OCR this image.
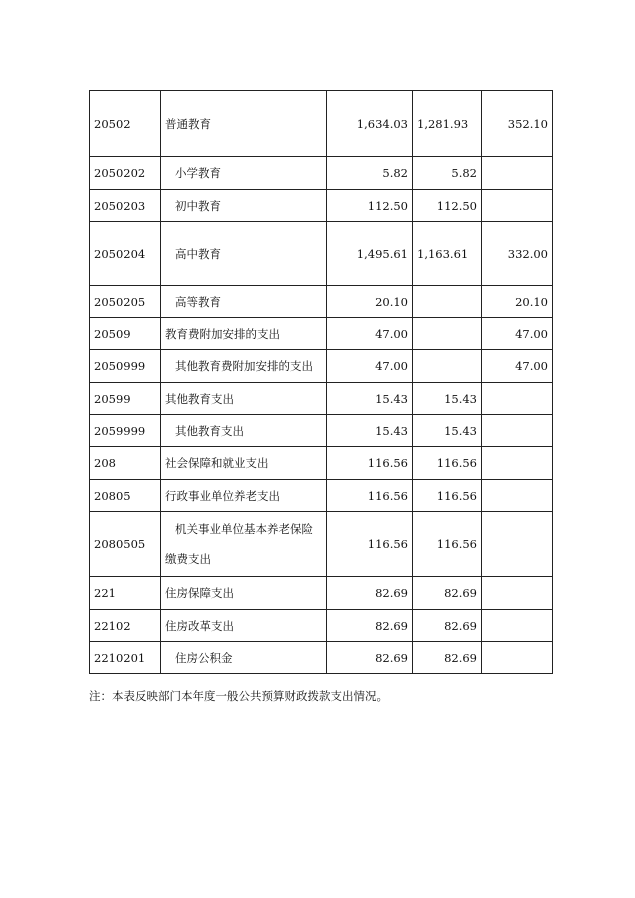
20502	普通教育	1,634.03	1,281.93	352.10
2050202	小学教育	5.82	5.82	
2050203	初中教育	112.50	112.50	
2050204	高中教育	1,495.61	1,163.61	332.00
2050205	高等教育	20.10		20.10
20509	教育费附加安排的支出	47.00		47.00
2050999	其他教育费附加安排的支出	47.00		47.00
20599	其他教育支出	15.43	15.43	
2059999	其他教育支出	15.43	15.43	
208	社会保障和就业支出	116.56	116.56	
20805	行政事业单位养老支出	116.56	116.56	
2080505	机关事业单位基本养老保险缴费支出	116.56	116.56	
221	住房保障支出	82.69	82.69	
22102	住房改革支出	82.69	82.69	
2210201	住房公积金	82.69	82.69	
注：本表反映部门本年度一般公共预算财政拨款支出情况。
